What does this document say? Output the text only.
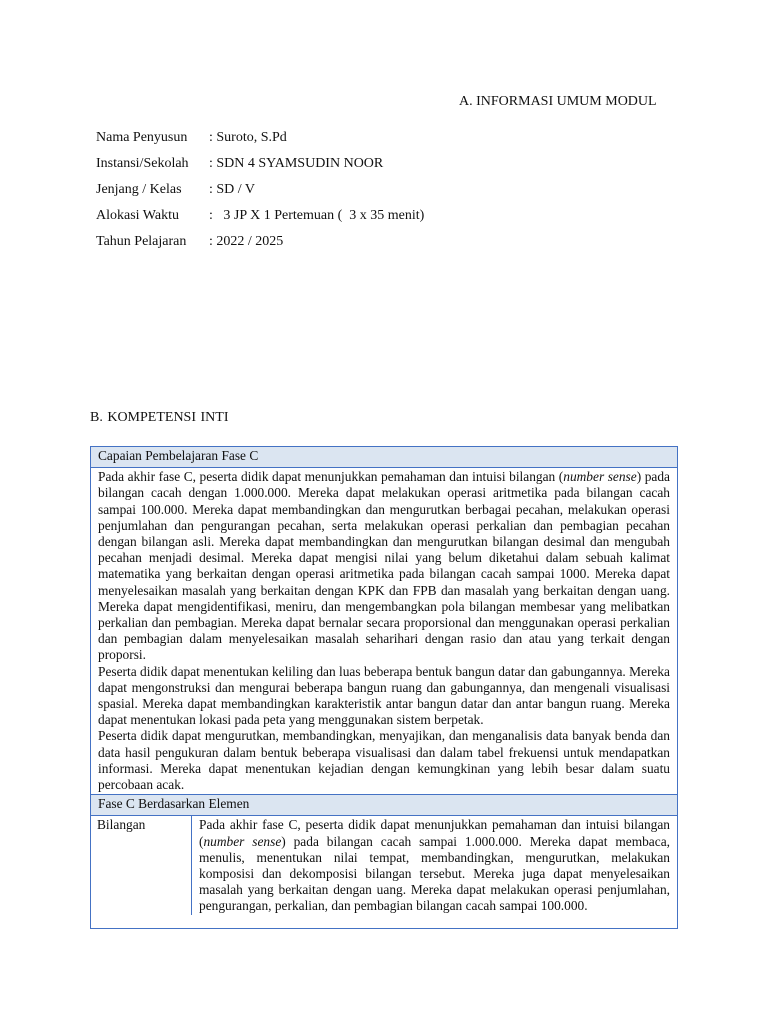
A. INFORMASI UMUM MODUL
Nama Penyusun	: Suroto, S.Pd
Instansi/Sekolah	: SDN 4 SYAMSUDIN NOOR
Jenjang / Kelas	: SD / V
Alokasi Waktu	:   3 JP X 1 Pertemuan (  3 x 35 menit)
Tahun Pelajaran	: 2022 / 2025
B. KOMPETENSI INTI
Capaian Pembelajaran Fase C

Pada akhir fase C, peserta didik dapat menunjukkan pemahaman dan intuisi bilangan (number sense) pada bilangan cacah dengan 1.000.000. Mereka dapat melakukan operasi aritmetika pada bilangan cacah sampai 100.000. Mereka dapat membandingkan dan mengurutkan berbagai pecahan, melakukan operasi penjumlahan dan pengurangan pecahan, serta melakukan operasi perkalian dan pembagian pecahan dengan bilangan asli. Mereka dapat membandingkan dan mengurutkan bilangan desimal dan mengubah pecahan menjadi desimal. Mereka dapat mengisi nilai yang belum diketahui dalam sebuah kalimat matematika yang berkaitan dengan operasi aritmetika pada bilangan cacah sampai 1000. Mereka dapat menyelesaikan masalah yang berkaitan dengan KPK dan FPB dan masalah yang berkaitan dengan uang. Mereka dapat mengidentifikasi, meniru, dan mengembangkan pola bilangan membesar yang melibatkan perkalian dan pembagian. Mereka dapat bernalar secara proporsional dan menggunakan operasi perkalian dan pembagian dalam menyelesaikan masalah seharihari dengan rasio dan atau yang terkait dengan proporsi.

Peserta didik dapat menentukan keliling dan luas beberapa bentuk bangun datar dan gabungannya. Mereka dapat mengonstruksi dan mengurai beberapa bangun ruang dan gabungannya, dan mengenali visualisasi spasial. Mereka dapat membandingkan karakteristik antar bangun datar dan antar bangun ruang. Mereka dapat menentukan lokasi pada peta yang menggunakan sistem berpetak.

Peserta didik dapat mengurutkan, membandingkan, menyajikan, dan menganalisis data banyak benda dan data hasil pengukuran dalam bentuk beberapa visualisasi dan dalam tabel frekuensi untuk mendapatkan informasi. Mereka dapat menentukan kejadian dengan kemungkinan yang lebih besar dalam suatu percobaan acak.

Fase C Berdasarkan Elemen
Bilangan	Pada akhir fase C, peserta didik dapat menunjukkan pemahaman dan intuisi bilangan (number sense) pada bilangan cacah sampai 1.000.000. Mereka dapat membaca, menulis, menentukan nilai tempat, membandingkan, mengurutkan, melakukan komposisi dan dekomposisi bilangan tersebut. Mereka juga dapat menyelesaikan masalah yang berkaitan dengan uang. Mereka dapat melakukan operasi penjumlahan, pengurangan, perkalian, dan pembagian bilangan cacah sampai 100.000.
